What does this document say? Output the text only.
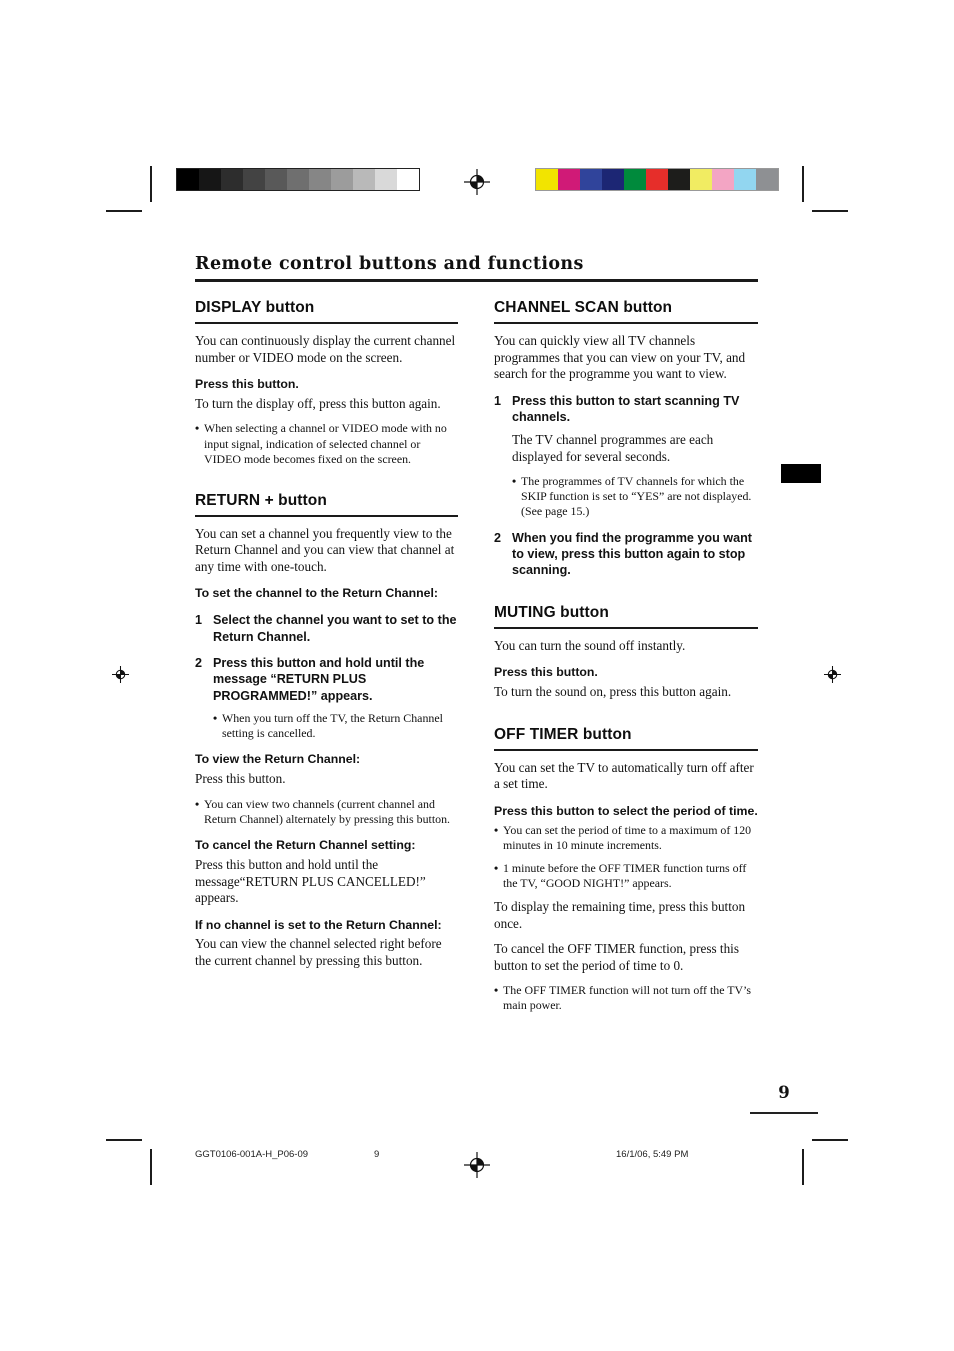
Remote control buttons and functions
DISPLAY button

You can continuously display the current channel number or VIDEO mode on the screen.

Press this button.

To turn the display off, press this button again.

• When selecting a channel or VIDEO mode with no input signal, indication of selected channel or VIDEO mode becomes fixed on the screen.
RETURN + button

You can set a channel you frequently view to the Return Channel and you can view that channel at any time with one-touch.

To set the channel to the Return Channel:

1 Select the channel you want to set to the Return Channel.
2 Press this button and hold until the message “RETURN PLUS PROGRAMMED!” appears.
• When you turn off the TV, the Return Channel setting is cancelled.

To view the Return Channel:

Press this button.

• You can view two channels (current channel and Return Channel) alternately by pressing this button.

To cancel the Return Channel setting:

Press this button and hold until the message“RETURN PLUS CANCELLED!” appears.

If no channel is set to the Return Channel:

You can view the channel selected right before the current channel by pressing this button.

CHANNEL SCAN button

You can quickly view all TV channels programmes that you can view on your TV, and search for the programme you want to view.

1 Press this button to start scanning TV channels.

The TV channel programmes are each displayed for several seconds.

• The programmes of TV channels for which the SKIP function is set to “YES” are not displayed. (See page 15.)
2 When you find the programme you want to view, press this button again to stop scanning.
MUTING button

You can turn the sound off instantly.

Press this button.

To turn the sound on, press this button again.

OFF TIMER button

You can set the TV to automatically turn off after a set time.

Press this button to select the period of time.

• You can set the period of time to a maximum of 120 minutes in 10 minute increments.
• 1 minute before the OFF TIMER function turns off the TV, “GOOD NIGHT!” appears.

To display the remaining time, press this button once.

To cancel the OFF TIMER function, press this button to set the period of time to 0.

• The OFF TIMER function will not turn off the TV’s main power.
9
GGT0106-001A-H_P06-09	9	16/1/06, 5:49 PM
